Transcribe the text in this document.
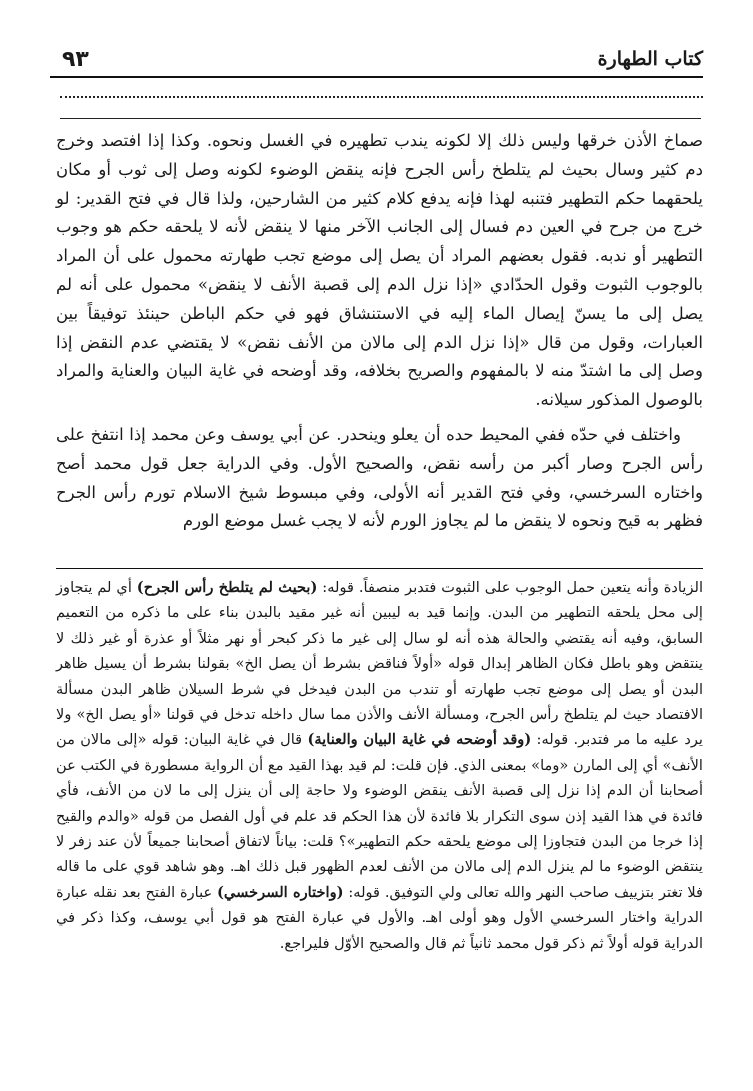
٩٣	كتاب الطهارة

صماخ الأذن خرقها وليس ذلك إلا لكونه يندب تطهيره في الغسل ونحوه. وكذا إذا افتصد وخرج دم كثير وسال بحيث لم يتلطخ رأس الجرح فإنه ينقض الوضوء لكونه وصل إلى ثوب أو مكان يلحقهما حكم التطهير فتنبه لهذا فإنه يدفع كلام كثير من الشارحين، ولذا قال في فتح القدير: لو خرج من جرح في العين دم فسال إلى الجانب الآخر منها لا ينقض لأنه لا يلحقه حكم هو وجوب التطهير أو ندبه. فقول بعضهم المراد أن يصل إلى موضع تجب طهارته محمول على أن المراد بالوجوب الثبوت وقول الحدّادي «إذا نزل الدم إلى قصبة الأنف لا ينقض» محمول على أنه لم يصل إلى ما يسنّ إيصال الماء إليه في الاستنشاق فهو في حكم الباطن حينئذ توفيقاً بين العبارات، وقول من قال «إذا نزل الدم إلى مالان من الأنف نقض» لا يقتضي عدم النقض إذا وصل إلى ما اشتدّ منه لا بالمفهوم والصريح بخلافه، وقد أوضحه في غاية البيان والعناية والمراد بالوصول المذكور سيلانه.

واختلف في حدّه ففي المحيط حده أن يعلو وينحدر. عن أبي يوسف وعن محمد إذا انتفخ على رأس الجرح وصار أكبر من رأسه نقض، والصحيح الأول. وفي الدراية جعل قول محمد أصح واختاره السرخسي، وفي فتح القدير أنه الأولى، وفي مبسوط شيخ الاسلام تورم رأس الجرح فظهر به قيح ونحوه لا ينقض ما لم يجاوز الورم لأنه لا يجب غسل موضع الورم

الزيادة وأنه يتعين حمل الوجوب على الثبوت فتدبر منصفاً. قوله: (بحيث لم يتلطخ رأس الجرح) أي لم يتجاوز إلى محل يلحقه التطهير من البدن. وإنما قيد به ليبين أنه غير مقيد بالبدن بناء على ما ذكره من التعميم السابق، وفيه أنه يقتضي والحالة هذه أنه لو سال إلى غير ما ذكر كبحر أو نهر مثلاً أو عذرة أو غير ذلك لا ينتقض وهو باطل فكان الظاهر إبدال قوله «أولاً فناقض بشرط أن يصل الخ» بقولنا بشرط أن يسيل ظاهر البدن أو يصل إلى موضع تجب طهارته أو تندب من البدن فيدخل في شرط السيلان ظاهر البدن مسألة الافتصاد حيث لم يتلطخ رأس الجرح، ومسألة الأنف والأذن مما سال داخله تدخل في قولنا «أو يصل الخ» ولا يرد عليه ما مر فتدبر. قوله: (وقد أوضحه في غاية البيان والعناية) قال في غاية البيان: قوله «إلى مالان من الأنف» أي إلى المارن «وما» بمعنى الذي. فإن قلت: لم قيد بهذا القيد مع أن الرواية مسطورة في الكتب عن أصحابنا أن الدم إذا نزل إلى قصبة الأنف ينقض الوضوء ولا حاجة إلى أن ينزل إلى ما لان من الأنف، فأي فائدة في هذا القيد إذن سوى التكرار بلا فائدة لأن هذا الحكم قد علم في أول الفصل من قوله «والدم والقيح إذا خرجا من البدن فتجاوزا إلى موضع يلحقه حكم التطهير»؟ قلت: بياناً لاتفاق أصحابنا جميعاً لأن عند زفر لا ينتقض الوضوء ما لم ينزل الدم إلى مالان من الأنف لعدم الظهور قبل ذلك اهـ. وهو شاهد قوي على ما قاله فلا تغتر بتزييف صاحب النهر والله تعالى ولي التوفيق. قوله: (واختاره السرخسي) عبارة الفتح بعد نقله عبارة الدراية واختار السرخسي الأول وهو أولى اهـ. والأول في عبارة الفتح هو قول أبي يوسف، وكذا ذكر في الدراية قوله أولاً ثم ذكر قول محمد ثانياً ثم قال والصحيح الأوّل فليراجع.
